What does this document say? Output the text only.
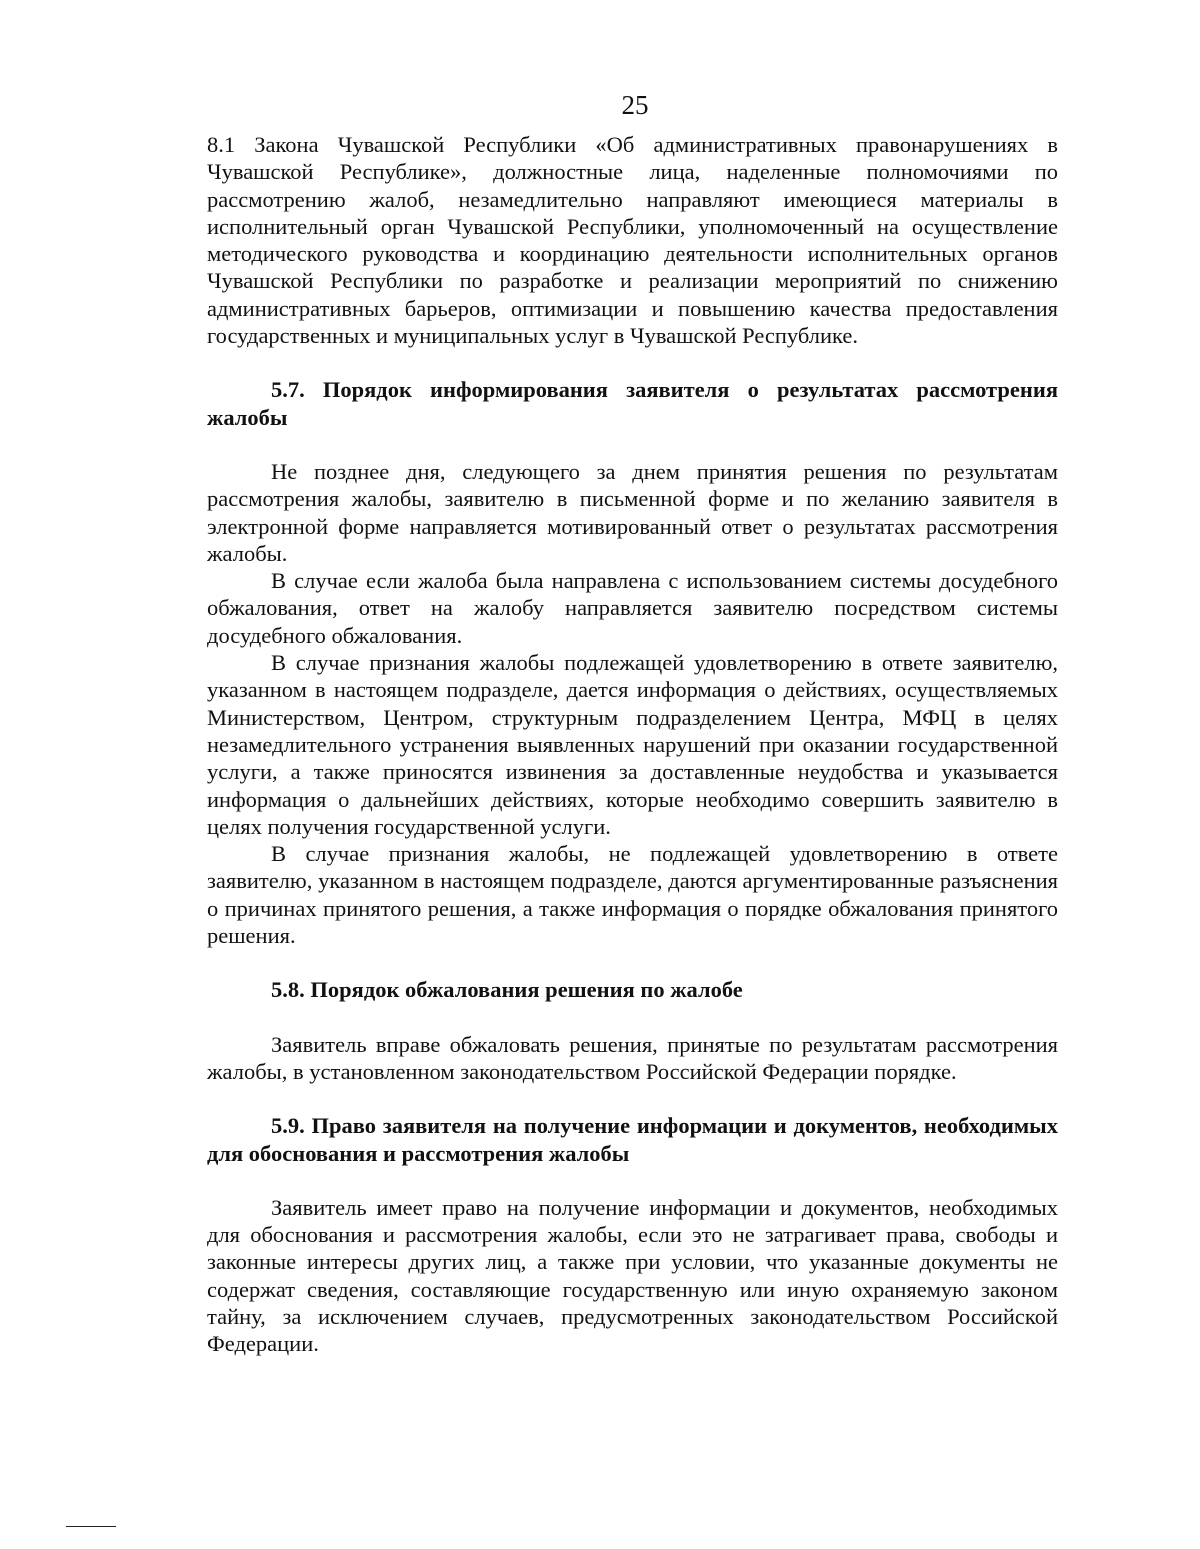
25

8.1 Закона Чувашской Республики «Об административных правонарушениях в Чувашской Республике», должностные лица, наделенные полномочиями по рассмотрению жалоб, незамедлительно направляют имеющиеся материалы в исполнительный орган Чувашской Республики, уполномоченный на осуществление методического руководства и координацию деятельности исполнительных органов Чувашской Республики по разработке и реализации мероприятий по снижению административных барьеров, оптимизации и повышению качества предоставления государственных и муниципальных услуг в Чувашской Республике.

5.7. Порядок информирования заявителя о результатах рассмотрения жалобы

Не позднее дня, следующего за днем принятия решения по результатам рассмотрения жалобы, заявителю в письменной форме и по желанию заявителя в электронной форме направляется мотивированный ответ о результатах рассмотрения жалобы.

В случае если жалоба была направлена с использованием системы досудебного обжалования, ответ на жалобу направляется заявителю посредством системы досудебного обжалования.

В случае признания жалобы подлежащей удовлетворению в ответе заявителю, указанном в настоящем подразделе, дается информация о действиях, осуществляемых Министерством, Центром, структурным подразделением Центра, МФЦ в целях незамедлительного устранения выявленных нарушений при оказании государственной услуги, а также приносятся извинения за доставленные неудобства и указывается информация о дальнейших действиях, которые необходимо совершить заявителю в целях получения государственной услуги.

В случае признания жалобы, не подлежащей удовлетворению в ответе заявителю, указанном в настоящем подразделе, даются аргументированные разъяснения о причинах принятого решения, а также информация о порядке обжалования принятого решения.

5.8. Порядок обжалования решения по жалобе

Заявитель вправе обжаловать решения, принятые по результатам рассмотрения жалобы, в установленном законодательством Российской Федерации порядке.

5.9. Право заявителя на получение информации и документов, необходимых для обоснования и рассмотрения жалобы

Заявитель имеет право на получение информации и документов, необходимых для обоснования и рассмотрения жалобы, если это не затрагивает права, свободы и законные интересы других лиц, а также при условии, что указанные документы не содержат сведения, составляющие государственную или иную охраняемую законом тайну, за исключением случаев, предусмотренных законодательством Российской Федерации.
